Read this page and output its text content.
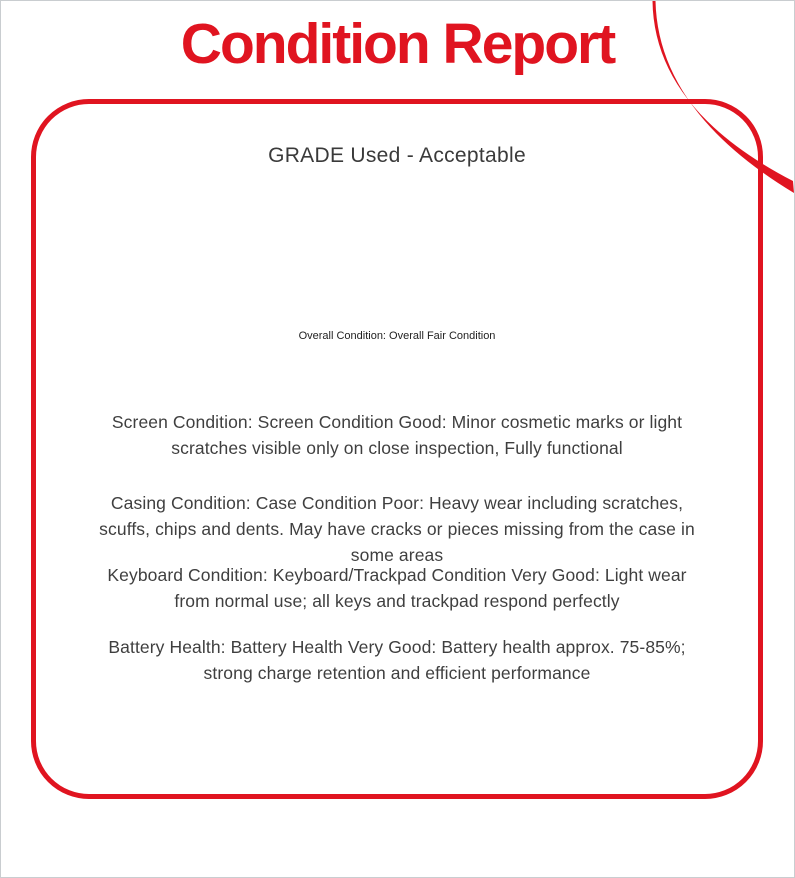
Condition Report
GRADE Used - Acceptable
Overall Condition: Overall Fair Condition
Screen Condition: Screen Condition Good: Minor cosmetic marks or light
scratches visible only on close inspection, Fully functional
Casing Condition: Case Condition Poor: Heavy wear including scratches,
scuffs, chips and dents. May have cracks or pieces missing from the case in
some areas
Keyboard Condition: Keyboard/Trackpad Condition Very Good: Light wear
from normal use; all keys and trackpad respond perfectly
Battery Health: Battery Health Very Good: Battery health approx. 75-85%;
strong charge retention and efficient performance
